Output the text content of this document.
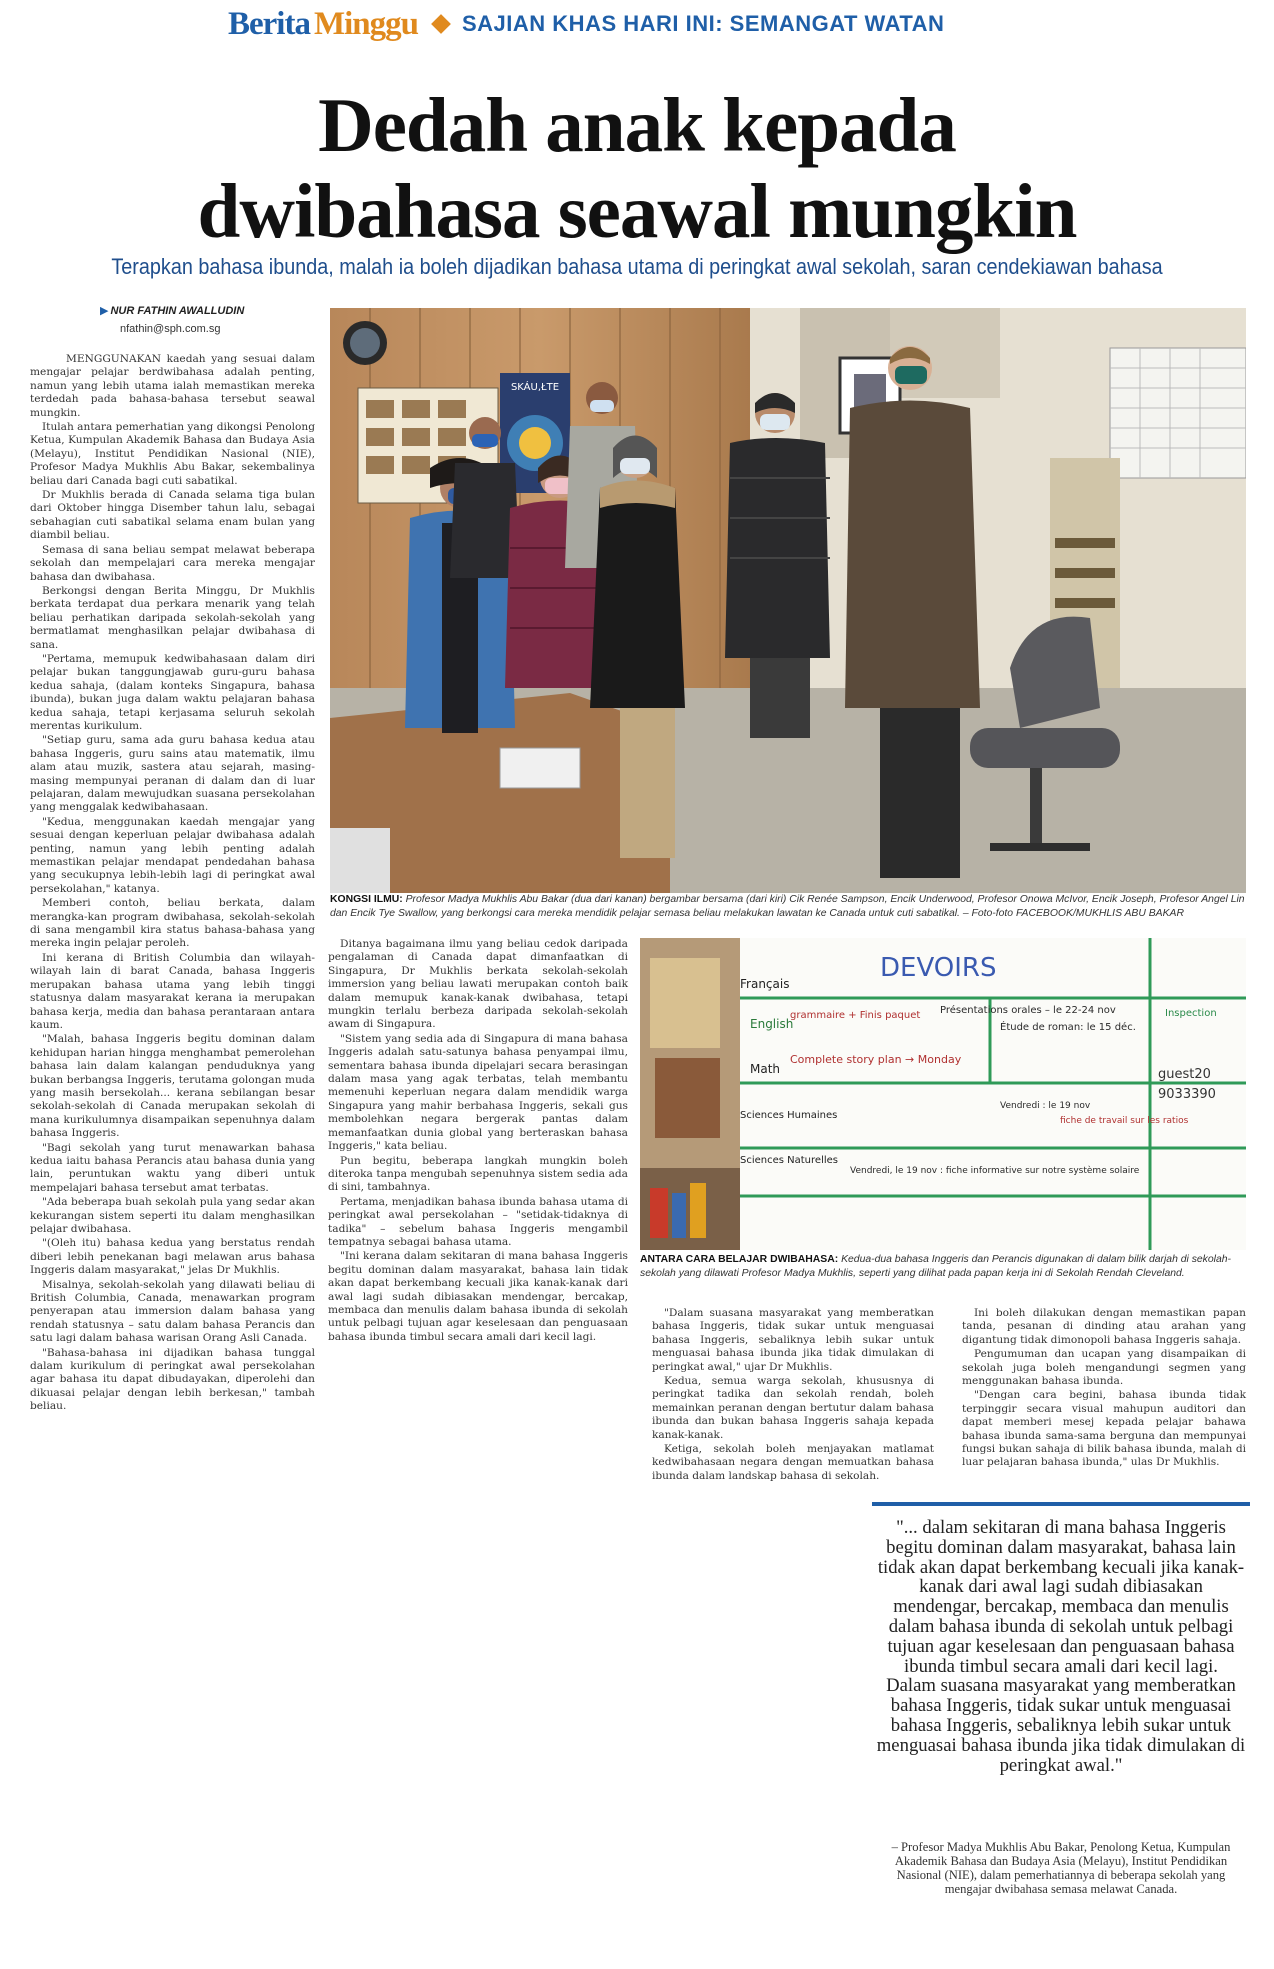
Berita Minggu SAJIAN KHAS HARI INI: SEMANGAT WATAN
Dedah anak kepada
dwibahasa seawal mungkin
Terapkan bahasa ibunda, malah ia boleh dijadikan bahasa utama di peringkat awal sekolah, saran cendekiawan bahasa
▶ NUR FATHIN AWALLUDIN
nfathin@sph.com.sg

MENGGUNAKAN kaedah yang sesuai dalam mengajar pelajar berdwibahasa adalah penting, namun yang lebih utama ialah memastikan mereka terdedah pada bahasa-bahasa tersebut seawal mungkin.

Itulah antara pemerhatian yang dikongsi Penolong Ketua, Kumpulan Akademik Bahasa dan Budaya Asia (Melayu), Institut Pendidikan Nasional (NIE), Profesor Madya Mukhlis Abu Bakar, sekembalinya beliau dari Canada bagi cuti sabatikal.

Dr Mukhlis berada di Canada selama tiga bulan dari Oktober hingga Disember tahun lalu, sebagai sebahagian cuti sabatikal selama enam bulan yang diambil beliau.

Semasa di sana beliau sempat melawat beberapa sekolah dan mempelajari cara mereka mengajar bahasa dan dwibahasa.

Berkongsi dengan Berita Minggu, Dr Mukhlis berkata terdapat dua perkara menarik yang telah beliau perhatikan daripada sekolah-sekolah yang bermatlamat menghasilkan pelajar dwibahasa di sana.

"Pertama, memupuk kedwibahasaan dalam diri pelajar bukan tanggungjawab guru-guru bahasa kedua sahaja, (dalam konteks Singapura, bahasa ibunda), bukan juga dalam waktu pelajaran bahasa kedua sahaja, tetapi kerjasama seluruh sekolah merentas kurikulum.

"Setiap guru, sama ada guru bahasa kedua atau bahasa Inggeris, guru sains atau matematik, ilmu alam atau muzik, sastera atau sejarah, masing-masing mempunyai peranan di dalam dan di luar pelajaran, dalam mewujudkan suasana persekolahan yang menggalak kedwibahasaan.

"Kedua, menggunakan kaedah mengajar yang sesuai dengan keperluan pelajar dwibahasa adalah penting, namun yang lebih penting adalah memastikan pelajar mendapat pendedahan bahasa yang secukupnya lebih-lebih lagi di peringkat awal persekolahan," katanya.

Memberi contoh, beliau berkata, dalam merangka-kan program dwibahasa, sekolah-sekolah di sana mengambil kira status bahasa-bahasa yang mereka ingin pelajar peroleh.

Ini kerana di British Columbia dan wilayah-wilayah lain di barat Canada, bahasa Inggeris merupakan bahasa utama yang lebih tinggi statusnya dalam masyarakat kerana ia merupakan bahasa kerja, media dan bahasa perantaraan antara kaum.

"Malah, bahasa Inggeris begitu dominan dalam kehidupan harian hingga menghambat pemerolehan bahasa lain dalam kalangan penduduknya yang bukan berbangsa Inggeris, terutama golongan muda yang masih bersekolah... kerana sebilangan besar sekolah-sekolah di Canada merupakan sekolah di mana kurikulumnya disampaikan sepenuhnya dalam bahasa Inggeris.

"Bagi sekolah yang turut menawarkan bahasa kedua iaitu bahasa Perancis atau bahasa dunia yang lain, peruntukan waktu yang diberi untuk mempelajari bahasa tersebut amat terbatas.

"Ada beberapa buah sekolah pula yang sedar akan kekurangan sistem seperti itu dalam menghasilkan pelajar dwibahasa.

"(Oleh itu) bahasa kedua yang berstatus rendah diberi lebih penekanan bagi melawan arus bahasa Inggeris dalam masyarakat," jelas Dr Mukhlis.

Misalnya, sekolah-sekolah yang dilawati beliau di British Columbia, Canada, menawarkan program penyerapan atau immersion dalam bahasa yang rendah statusnya – satu dalam bahasa Perancis dan satu lagi dalam bahasa warisan Orang Asli Canada.

"Bahasa-bahasa ini dijadikan bahasa tunggal dalam kurikulum di peringkat awal persekolahan agar bahasa itu dapat dibudayakan, diperolehi dan dikuasai pelajar dengan lebih berkesan," tambah beliau.

SKÁU,ŁTE
KONGSI ILMU: Profesor Madya Mukhlis Abu Bakar (dua dari kanan) bergambar bersama (dari kiri) Cik Renée Sampson, Encik Underwood, Profesor Onowa McIvor, Encik Joseph, Profesor Angel Lin dan Encik Tye Swallow, yang berkongsi cara mereka mendidik pelajar semasa beliau melakukan lawatan ke Canada untuk cuti sabatikal. – Foto-foto FACEBOOK/MUKHLIS ABU BAKAR

Ditanya bagaimana ilmu yang beliau cedok daripada pengalaman di Canada dapat dimanfaatkan di Singapura, Dr Mukhlis berkata sekolah-sekolah immersion yang beliau lawati merupakan contoh baik dalam memupuk kanak-kanak dwibahasa, tetapi mungkin terlalu berbeza daripada sekolah-sekolah awam di Singapura.

"Sistem yang sedia ada di Singapura di mana bahasa Inggeris adalah satu-satunya bahasa penyampai ilmu, sementara bahasa ibunda dipelajari secara berasingan dalam masa yang agak terbatas, telah membantu memenuhi keperluan negara dalam mendidik warga Singapura yang mahir berbahasa Inggeris, sekali gus membolehkan negara bergerak pantas dalam memanfaatkan dunia global yang berteraskan bahasa Inggeris," kata beliau.

Pun begitu, beberapa langkah mungkin boleh diteroka tanpa mengubah sepenuhnya sistem sedia ada di sini, tambahnya.

Pertama, menjadikan bahasa ibunda bahasa utama di peringkat awal persekolahan – "setidak-tidaknya di tadika" – sebelum bahasa Inggeris mengambil tempatnya sebagai bahasa utama.

"Ini kerana dalam sekitaran di mana bahasa Inggeris begitu dominan dalam masyarakat, bahasa lain tidak akan dapat berkembang kecuali jika kanak-kanak dari awal lagi sudah dibiasakan mendengar, bercakap, membaca dan menulis dalam bahasa ibunda di sekolah untuk pelbagi tujuan agar keselesaan dan penguasaan bahasa ibunda timbul secara amali dari kecil lagi.

DEVOIRS
grammaire + Finis paquet Présentations orales – le 22-24 nov
Étude de roman: le 15 déc.
Inspection
Complete story plan → Monday
Vendredi : le 19 nov
fiche de travail sur les ratios
Vendredi, le 19 nov : fiche informative sur notre système solaire
guest20
9033390
Français
English
Math
Sciences Humaines
Sciences Naturelles
ANTARA CARA BELAJAR DWIBAHASA: Kedua-dua bahasa Inggeris dan Perancis digunakan di dalam bilik darjah di sekolah-sekolah yang dilawati Profesor Madya Mukhlis, seperti yang dilihat pada papan kerja ini di Sekolah Rendah Cleveland.

"Dalam suasana masyarakat yang memberatkan bahasa Inggeris, tidak sukar untuk menguasai bahasa Inggeris, sebaliknya lebih sukar untuk menguasai bahasa ibunda jika tidak dimulakan di peringkat awal," ujar Dr Mukhlis.

Kedua, semua warga sekolah, khususnya di peringkat tadika dan sekolah rendah, boleh memainkan peranan dengan bertutur dalam bahasa ibunda dan bukan bahasa Inggeris sahaja kepada kanak-kanak.

Ketiga, sekolah boleh menjayakan matlamat kedwibahasaan negara dengan memuatkan bahasa ibunda dalam landskap bahasa di sekolah.

Ini boleh dilakukan dengan memastikan papan tanda, pesanan di dinding atau arahan yang digantung tidak dimonopoli bahasa Inggeris sahaja.

Pengumuman dan ucapan yang disampaikan di sekolah juga boleh mengandungi segmen yang menggunakan bahasa ibunda.

"Dengan cara begini, bahasa ibunda tidak terpinggir secara visual mahupun auditori dan dapat memberi mesej kepada pelajar bahawa bahasa ibunda sama-sama berguna dan mempunyai fungsi bukan sahaja di bilik bahasa ibunda, malah di luar pelajaran bahasa ibunda," ulas Dr Mukhlis.

"... dalam sekitaran di mana bahasa Inggeris begitu dominan dalam masyarakat, bahasa lain tidak akan dapat berkembang kecuali jika kanak-kanak dari awal lagi sudah dibiasakan mendengar, bercakap, membaca dan menulis dalam bahasa ibunda di sekolah untuk pelbagi tujuan agar keselesaan dan penguasaan bahasa ibunda timbul secara amali dari kecil lagi.
Dalam suasana masyarakat yang memberatkan bahasa Inggeris, tidak sukar untuk menguasai bahasa Inggeris, sebaliknya lebih sukar untuk menguasai bahasa ibunda jika tidak dimulakan di peringkat awal."
– Profesor Madya Mukhlis Abu Bakar, Penolong Ketua, Kumpulan Akademik Bahasa dan Budaya Asia (Melayu), Institut Pendidikan Nasional (NIE), dalam pemerhatiannya di beberapa sekolah yang mengajar dwibahasa semasa melawat Canada.
